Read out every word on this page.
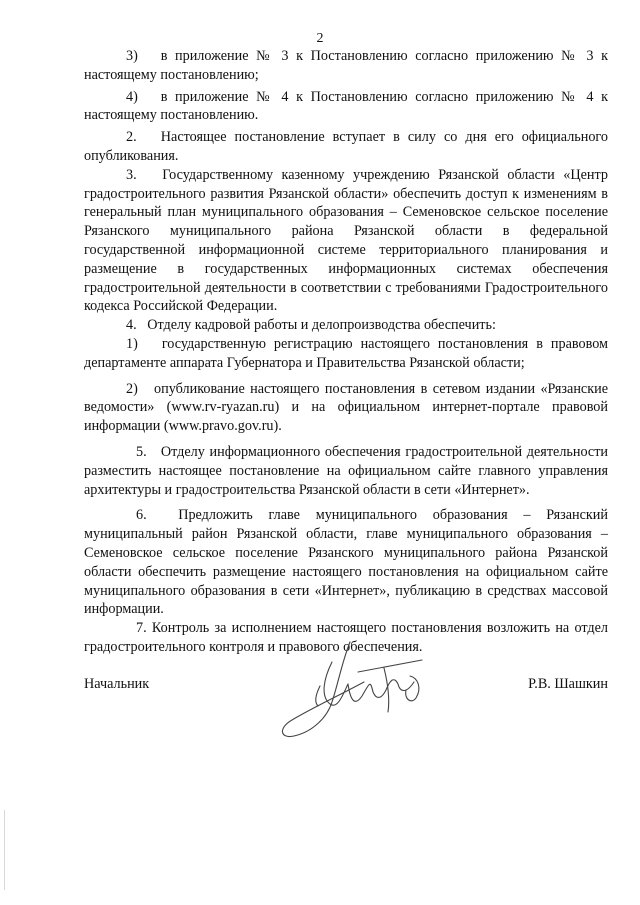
2

3)   в приложение № 3 к Постановлению согласно приложению № 3 к настоящему постановлению;

4)   в приложение № 4 к Постановлению согласно приложению № 4 к настоящему постановлению.

2.   Настоящее постановление вступает в силу со дня его официального опубликования.

3.   Государственному казенному учреждению Рязанской области «Центр градостроительного развития Рязанской области» обеспечить доступ к изменениям в генеральный план муниципального образования – Семеновское сельское поселение Рязанского муниципального района Рязанской области в федеральной государственной информационной системе территориального планирования и размещение в государственных информационных системах обеспечения градостроительной деятельности в соответствии с требованиями Градостроительного кодекса Российской Федерации.

4.   Отделу кадровой работы и делопроизводства обеспечить:

1)   государственную регистрацию настоящего постановления в правовом департаменте аппарата Губернатора и Правительства Рязанской области;

2)   опубликование настоящего постановления в сетевом издании «Рязанские ведомости» (www.rv-ryazan.ru) и на официальном интернет-портале правовой информации (www.pravo.gov.ru).

5.   Отделу информационного обеспечения градостроительной деятельности разместить настоящее постановление на официальном сайте главного управления архитектуры и градостроительства Рязанской области в сети «Интернет».

6.  Предложить главе муниципального образования – Рязанский муниципальный район Рязанской области, главе муниципального образования – Семеновское сельское поселение Рязанского муниципального района Рязанской области обеспечить размещение настоящего постановления на официальном сайте муниципального образования в сети «Интернет», публикацию в средствах массовой информации.

7. Контроль за исполнением настоящего постановления возложить на отдел градостроительного контроля и правового обеспечения.

Начальник	Р.В. Шашкин
